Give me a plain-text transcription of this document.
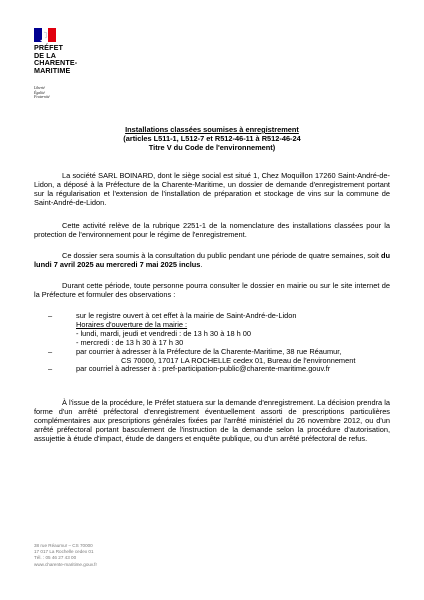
PRÉFET
DE LA
CHARENTE-
MARITIME
Liberté
Égalité
Fraternité
Installations classées soumises à enregistrement
(articles L511-1, L512-7 et R512-46-11 à R512-46-24
Titre V du Code de l'environnement)
La société SARL BOINARD, dont le siège social est situé 1, Chez Moquillon 17260 Saint-André-de-Lidon, a déposé à la Préfecture de la Charente-Maritime, un dossier de demande d'enregistrement portant sur la régularisation et l'extension de l'installation de préparation et stockage de vins sur la commune de Saint-André-de-Lidon.
Cette activité relève de la rubrique 2251-1 de la nomenclature des installations classées pour la protection de l'environnement pour le régime de l'enregistrement.
Ce dossier sera soumis à la consultation du public pendant une période de quatre semaines, soit du lundi 7 avril 2025 au mercredi 7 mai 2025 inclus.
Durant cette période, toute personne pourra consulter le dossier en mairie ou sur le site internet de la Préfecture et formuler des observations :
–	sur le registre ouvert à cet effet à la mairie de Saint-André-de-Lidon
Horaires d'ouverture de la mairie :
- lundi, mardi, jeudi et vendredi : de 13 h 30 à 18 h 00
- mercredi : de 13 h 30 à 17 h 30
–	par courrier à adresser à la Préfecture de la Charente-Maritime, 38 rue Réaumur,
CS 70000, 17017 LA ROCHELLE cedex 01, Bureau de l'environnement
–	par courriel à adresser à : pref-participation-public@charente-maritime.gouv.fr
À l'issue de la procédure, le Préfet statuera sur la demande d'enregistrement. La décision prendra la forme d'un arrêté préfectoral d'enregistrement éventuellement assorti de prescriptions particulières complémentaires aux prescriptions générales fixées par l'arrêté ministériel du 26 novembre 2012, ou d'un arrêté préfectoral portant basculement de l'instruction de la demande selon la procédure d'autorisation, assujettie à étude d'impact, étude de dangers et enquête publique, ou d'un arrêté préfectoral de refus.
38 rue Réaumur – CS 70000
17 017 La Rochelle cedex 01
Tél. : 05 46 27 43 00
www.charente-maritime.gouv.fr
